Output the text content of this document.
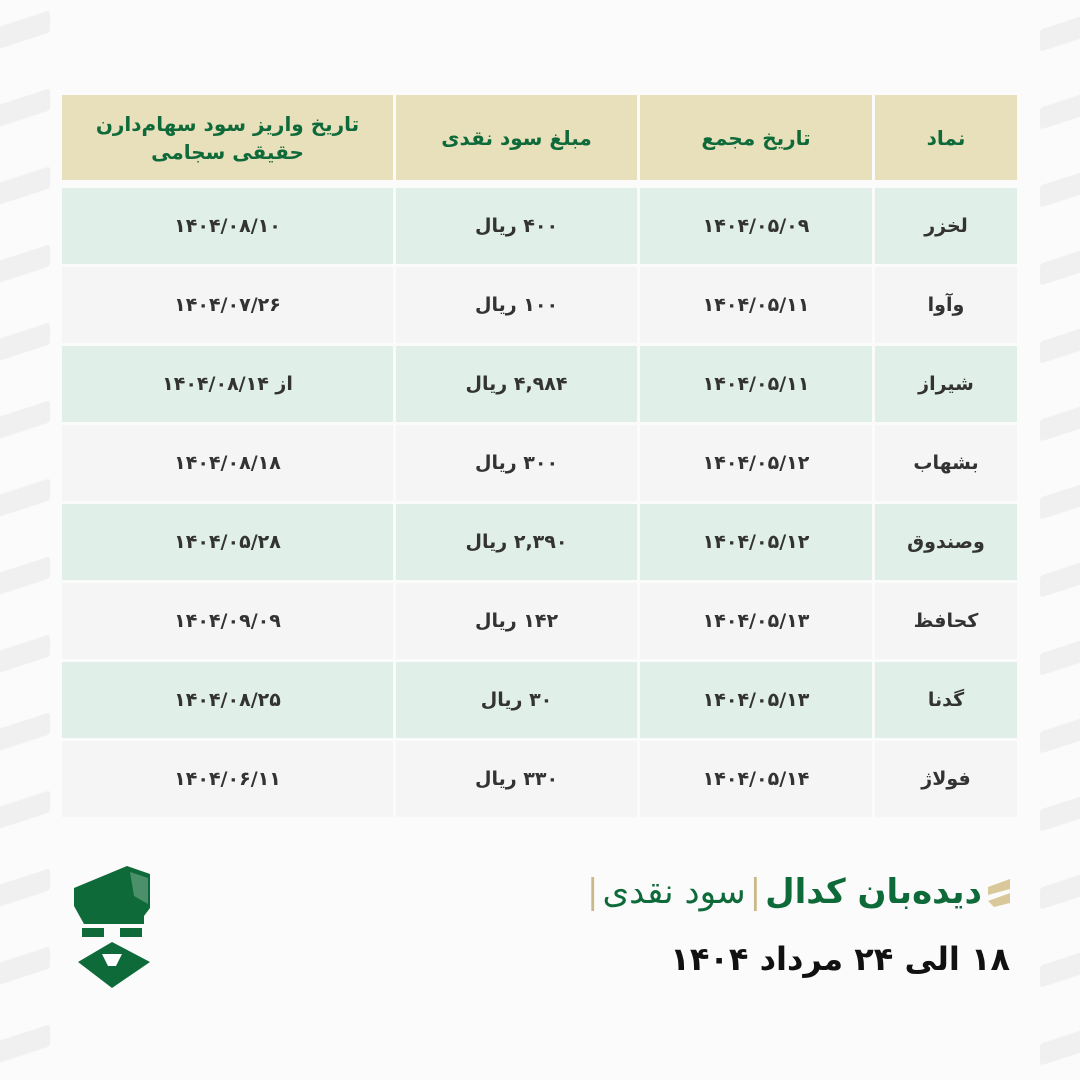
نماد
تاریخ مجمع
مبلغ سود نقدی
تاریخ واریز سود سهام‌دارن حقیقی سجامی
لخزر
۱۴۰۴/۰۵/۰۹
۴۰۰ ریال
۱۴۰۴/۰۸/۱۰
وآوا
۱۴۰۴/۰۵/۱۱
۱۰۰ ریال
۱۴۰۴/۰۷/۲۶
شیراز
۱۴۰۴/۰۵/۱۱
۴,۹۸۴ ریال
از ۱۴۰۴/۰۸/۱۴
بشهاب
۱۴۰۴/۰۵/۱۲
۳۰۰ ریال
۱۴۰۴/۰۸/۱۸
وصندوق
۱۴۰۴/۰۵/۱۲
۲,۳۹۰ ریال
۱۴۰۴/۰۵/۲۸
کحافظ
۱۴۰۴/۰۵/۱۳
۱۴۲ ریال
۱۴۰۴/۰۹/۰۹
گدنا
۱۴۰۴/۰۵/۱۳
۳۰ ریال
۱۴۰۴/۰۸/۲۵
فولاژ
۱۴۰۴/۰۵/۱۴
۳۳۰ ریال
۱۴۰۴/۰۶/۱۱
دیده‌بان کدال
|
سود نقدی
|
۱۸ الی ۲۴ مرداد ۱۴۰۴
